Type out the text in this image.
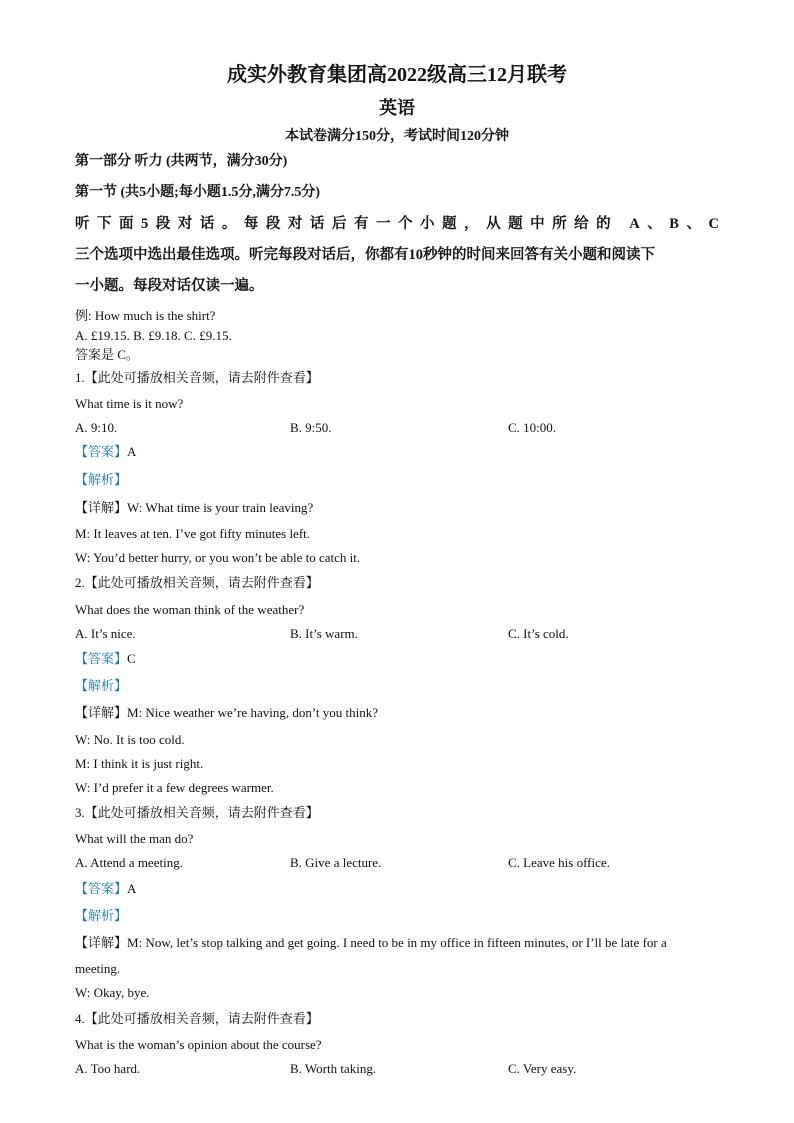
成实外教育集团高2022级高三12月联考
英语
本试卷满分150分，考试时间120分钟
第一部分 听力 (共两节，满分30分)
第一节 (共5小题;每小题1.5分,满分7.5分)
听下面5段对话。每段对话后有一个小题，从题中所给的 A、B、C
三个选项中选出最佳选项。听完每段对话后，你都有10秒钟的时间来回答有关小题和阅读下
一小题。每段对话仅读一遍。
例: How much is the shirt?
A. £19.15. B. £9.18. C. £9.15.
答案是 C。
1.【此处可播放相关音频，请去附件查看】
What time is it now?
A. 9:10.	B. 9:50.	C. 10:00.
【答案】A
【解析】
【详解】W: What time is your train leaving?
M: It leaves at ten. I’ve got fifty minutes left.
W: You’d better hurry, or you won’t be able to catch it.
2.【此处可播放相关音频，请去附件查看】
What does the woman think of the weather?
A. It’s nice.	B. It’s warm.	C. It’s cold.
【答案】C
【解析】
【详解】M: Nice weather we’re having, don’t you think?
W: No. It is too cold.
M: I think it is just right.
W: I’d prefer it a few degrees warmer.
3.【此处可播放相关音频，请去附件查看】
What will the man do?
A. Attend a meeting.	B. Give a lecture.	C. Leave his office.
【答案】A
【解析】
【详解】M: Now, let’s stop talking and get going. I need to be in my office in fifteen minutes, or I’ll be late for a
meeting.
W: Okay, bye.
4.【此处可播放相关音频，请去附件查看】
What is the woman’s opinion about the course?
A. Too hard.	B. Worth taking.	C. Very easy.
